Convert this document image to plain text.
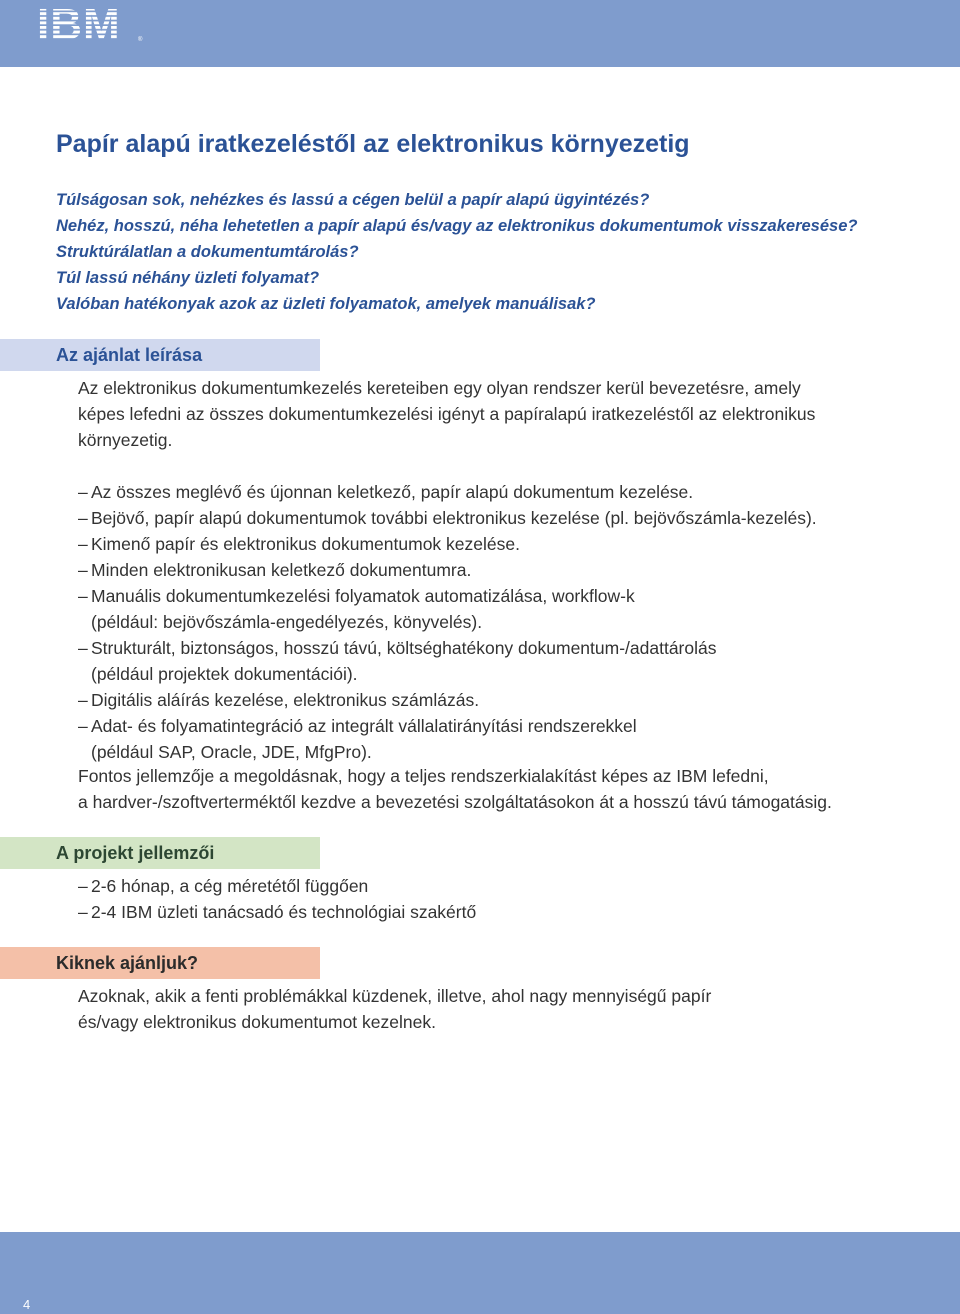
IBM	®
Papír alapú iratkezeléstől az elektronikus környezetig
Túlságosan sok, nehézkes és lassú a cégen belül a papír alapú ügyintézés?
Nehéz, hosszú, néha lehetetlen a papír alapú és/vagy az elektronikus dokumentumok visszakeresése?
Struktúrálatlan a dokumentumtárolás?
Túl lassú néhány üzleti folyamat?
Valóban hatékonyak azok az üzleti folyamatok, amelyek manuálisak?
Az ajánlat leírása

Az elektronikus dokumentumkezelés kereteiben egy olyan rendszer kerül bevezetésre, amely

képes lefedni az összes dokumentumkezelési igényt a papíralapú iratkezeléstől az elektronikus

környezetig.

– Az összes meglévő és újonnan keletkező, papír alapú dokumentum kezelése.
– Bejövő, papír alapú dokumentumok további elektronikus kezelése (pl. bejövőszámla-kezelés).
– Kimenő papír és elektronikus dokumentumok kezelése.
– Minden elektronikusan keletkező dokumentumra.
– Manuális dokumentumkezelési folyamatok automatizálása, workflow-k
(például: bejövőszámla-engedélyezés, könyvelés).
– Strukturált, biztonságos, hosszú távú, költséghatékony dokumentum-/adattárolás
(például projektek dokumentációi).
– Digitális aláírás kezelése, elektronikus számlázás.
– Adat- és folyamatintegráció az integrált vállalatirányítási rendszerekkel
(például SAP, Oracle, JDE, MfgPro).

Fontos jellemzője a megoldásnak, hogy a teljes rendszerkialakítást képes az IBM lefedni,

a hardver-/szoftverterméktől kezdve a bevezetési szolgáltatásokon át a hosszú távú támogatásig.

A projekt jellemzői
– 2-6 hónap, a cég méretétől függően
– 2-4 IBM üzleti tanácsadó és technológiai szakértő
Kiknek ajánljuk?

Azoknak, akik a fenti problémákkal küzdenek, illetve, ahol nagy mennyiségű papír

és/vagy elektronikus dokumentumot kezelnek.

4
